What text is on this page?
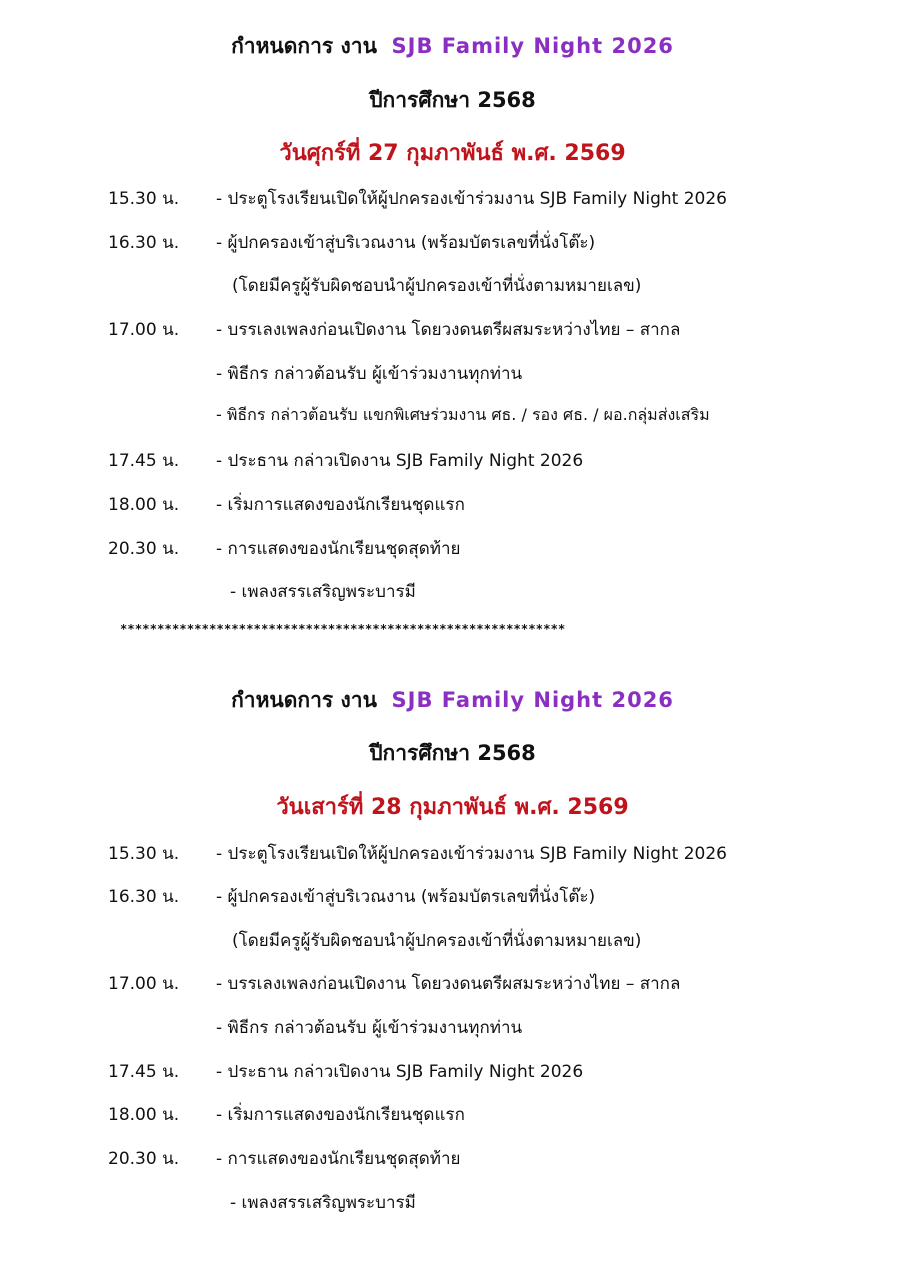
กำหนดการ งาน SJB Family Night 2026
ปีการศึกษา 2568
วันศุกร์ที่ 27 กุมภาพันธ์ พ.ศ. 2569
15.30 น. - ประตูโรงเรียนเปิดให้ผู้ปกครองเข้าร่วมงาน SJB Family Night 2026
16.30 น. - ผู้ปกครองเข้าสู่บริเวณงาน (พร้อมบัตรเลขที่นั่งโต๊ะ)
(โดยมีครูผู้รับผิดชอบนำผู้ปกครองเข้าที่นั่งตามหมายเลข)
17.00 น. - บรรเลงเพลงก่อนเปิดงาน โดยวงดนตรีผสมระหว่างไทย – สากล
- พิธีกร กล่าวต้อนรับ ผู้เข้าร่วมงานทุกท่าน
- พิธีกร กล่าวต้อนรับ แขกพิเศษร่วมงาน ศธ. / รอง ศธ. / ผอ.กลุ่มส่งเสริม
17.45 น. - ประธาน กล่าวเปิดงาน SJB Family Night 2026
18.00 น. - เริ่มการแสดงของนักเรียนชุดแรก
20.30 น. - การแสดงของนักเรียนชุดสุดท้าย
- เพลงสรรเสริญพระบารมี
************************************************************
กำหนดการ งาน SJB Family Night 2026
ปีการศึกษา 2568
วันเสาร์ที่ 28 กุมภาพันธ์ พ.ศ. 2569
15.30 น. - ประตูโรงเรียนเปิดให้ผู้ปกครองเข้าร่วมงาน SJB Family Night 2026
16.30 น. - ผู้ปกครองเข้าสู่บริเวณงาน (พร้อมบัตรเลขที่นั่งโต๊ะ)
(โดยมีครูผู้รับผิดชอบนำผู้ปกครองเข้าที่นั่งตามหมายเลข)
17.00 น. - บรรเลงเพลงก่อนเปิดงาน โดยวงดนตรีผสมระหว่างไทย – สากล
- พิธีกร กล่าวต้อนรับ ผู้เข้าร่วมงานทุกท่าน
17.45 น. - ประธาน กล่าวเปิดงาน SJB Family Night 2026
18.00 น. - เริ่มการแสดงของนักเรียนชุดแรก
20.30 น. - การแสดงของนักเรียนชุดสุดท้าย
- เพลงสรรเสริญพระบารมี
